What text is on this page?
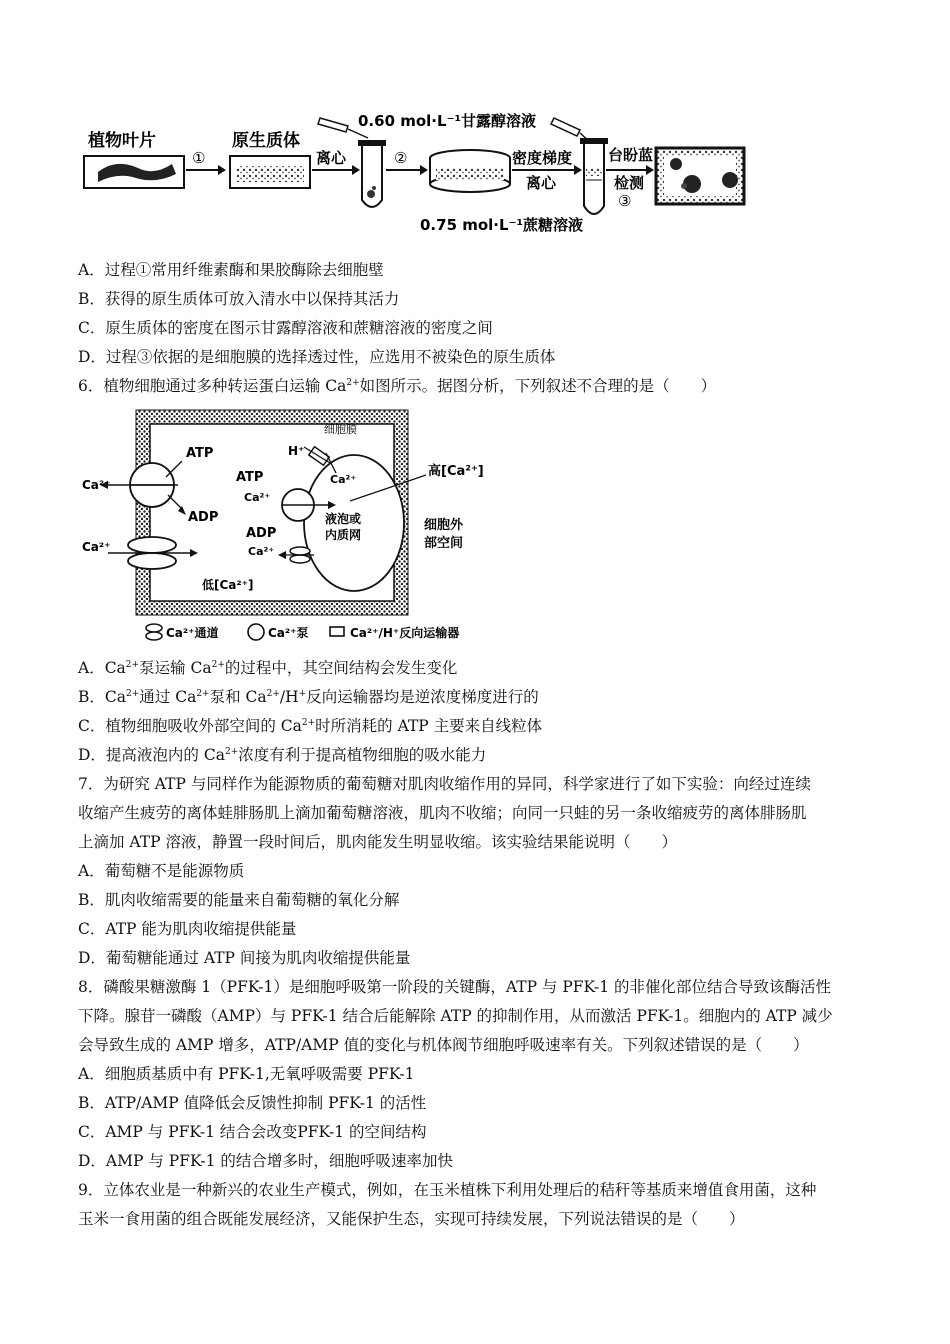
植物叶片
①
原生质体
离心	②
0.60 mol·L⁻¹甘露醇溶液
密度梯度
离心
0.75 mol·L⁻¹蔗糖溶液
台盼蓝
检测
③
A．过程①常用纤维素酶和果胶酶除去细胞壁
B．获得的原生质体可放入清水中以保持其活力
C．原生质体的密度在图示甘露醇溶液和蔗糖溶液的密度之间
D．过程③依据的是细胞膜的选择透过性，应选用不被染色的原生质体
6．植物细胞通过多种转运蛋白运输 $Ca^{2+}$如图所示。据图分析，下列叙述不合理的是（　　）
细胞膜
液泡或
内质网
Ca²⁺
ATP
ADP
Ca²⁺
低[Ca²⁺]
ATP
Ca²⁺
ADP
Ca²⁺
H⁺
Ca²⁺
高[Ca²⁺]
细胞外
部空间
Ca²⁺通道	Ca²⁺泵	Ca²⁺/H⁺反向运输器
A．$Ca^{2+}$泵运输 $Ca^{2+}$的过程中，其空间结构会发生变化
B．$Ca^{2+}$通过 $Ca^{2+}$泵和 $Ca^{2+}/H^+$反向运输器均是逆浓度梯度进行的
C．植物细胞吸收外部空间的 $Ca^{2+}$时所消耗的 ATP 主要来自线粒体
D．提高液泡内的 $Ca^{2+}$浓度有利于提高植物细胞的吸水能力
7．为研究 ATP 与同样作为能源物质的葡萄糖对肌肉收缩作用的异同，科学家进行了如下实验：向经过连续
收缩产生疲劳的离体蛙腓肠肌上滴加葡萄糖溶液，肌肉不收缩；向同一只蛙的另一条收缩疲劳的离体腓肠肌
上滴加 ATP 溶液，静置一段时间后，肌肉能发生明显收缩。该实验结果能说明（　　）
A．葡萄糖不是能源物质
B．肌肉收缩需要的能量来自葡萄糖的氧化分解
C．ATP 能为肌肉收缩提供能量
D．葡萄糖能通过 ATP 间接为肌肉收缩提供能量
8．磷酸果糖激酶 1（PFK-1）是细胞呼吸第一阶段的关键酶，ATP 与 PFK-1 的非催化部位结合导致该酶活性
下降。腺苷一磷酸（AMP）与 PFK-1 结合后能解除 ATP 的抑制作用，从而激活 PFK-1。细胞内的 ATP 减少
会导致生成的 AMP 增多，ATP/AMP 值的变化与机体阀节细胞呼吸速率有关。下列叙述错误的是（　　）
A．细胞质基质中有 PFK-1,无氧呼吸需要 PFK-1
B．ATP/AMP 值降低会反馈性抑制 PFK-1 的活性
C．AMP 与 PFK-1 结合会改变PFK-1 的空间结构
D．AMP 与 PFK-1 的结合增多时，细胞呼吸速率加快
9．立体农业是一种新兴的农业生产模式，例如，在玉米植株下利用处理后的秸秆等基质来增值食用菌，这种
玉米一食用菌的组合既能发展经济，又能保护生态，实现可持续发展，下列说法错误的是（　　）
